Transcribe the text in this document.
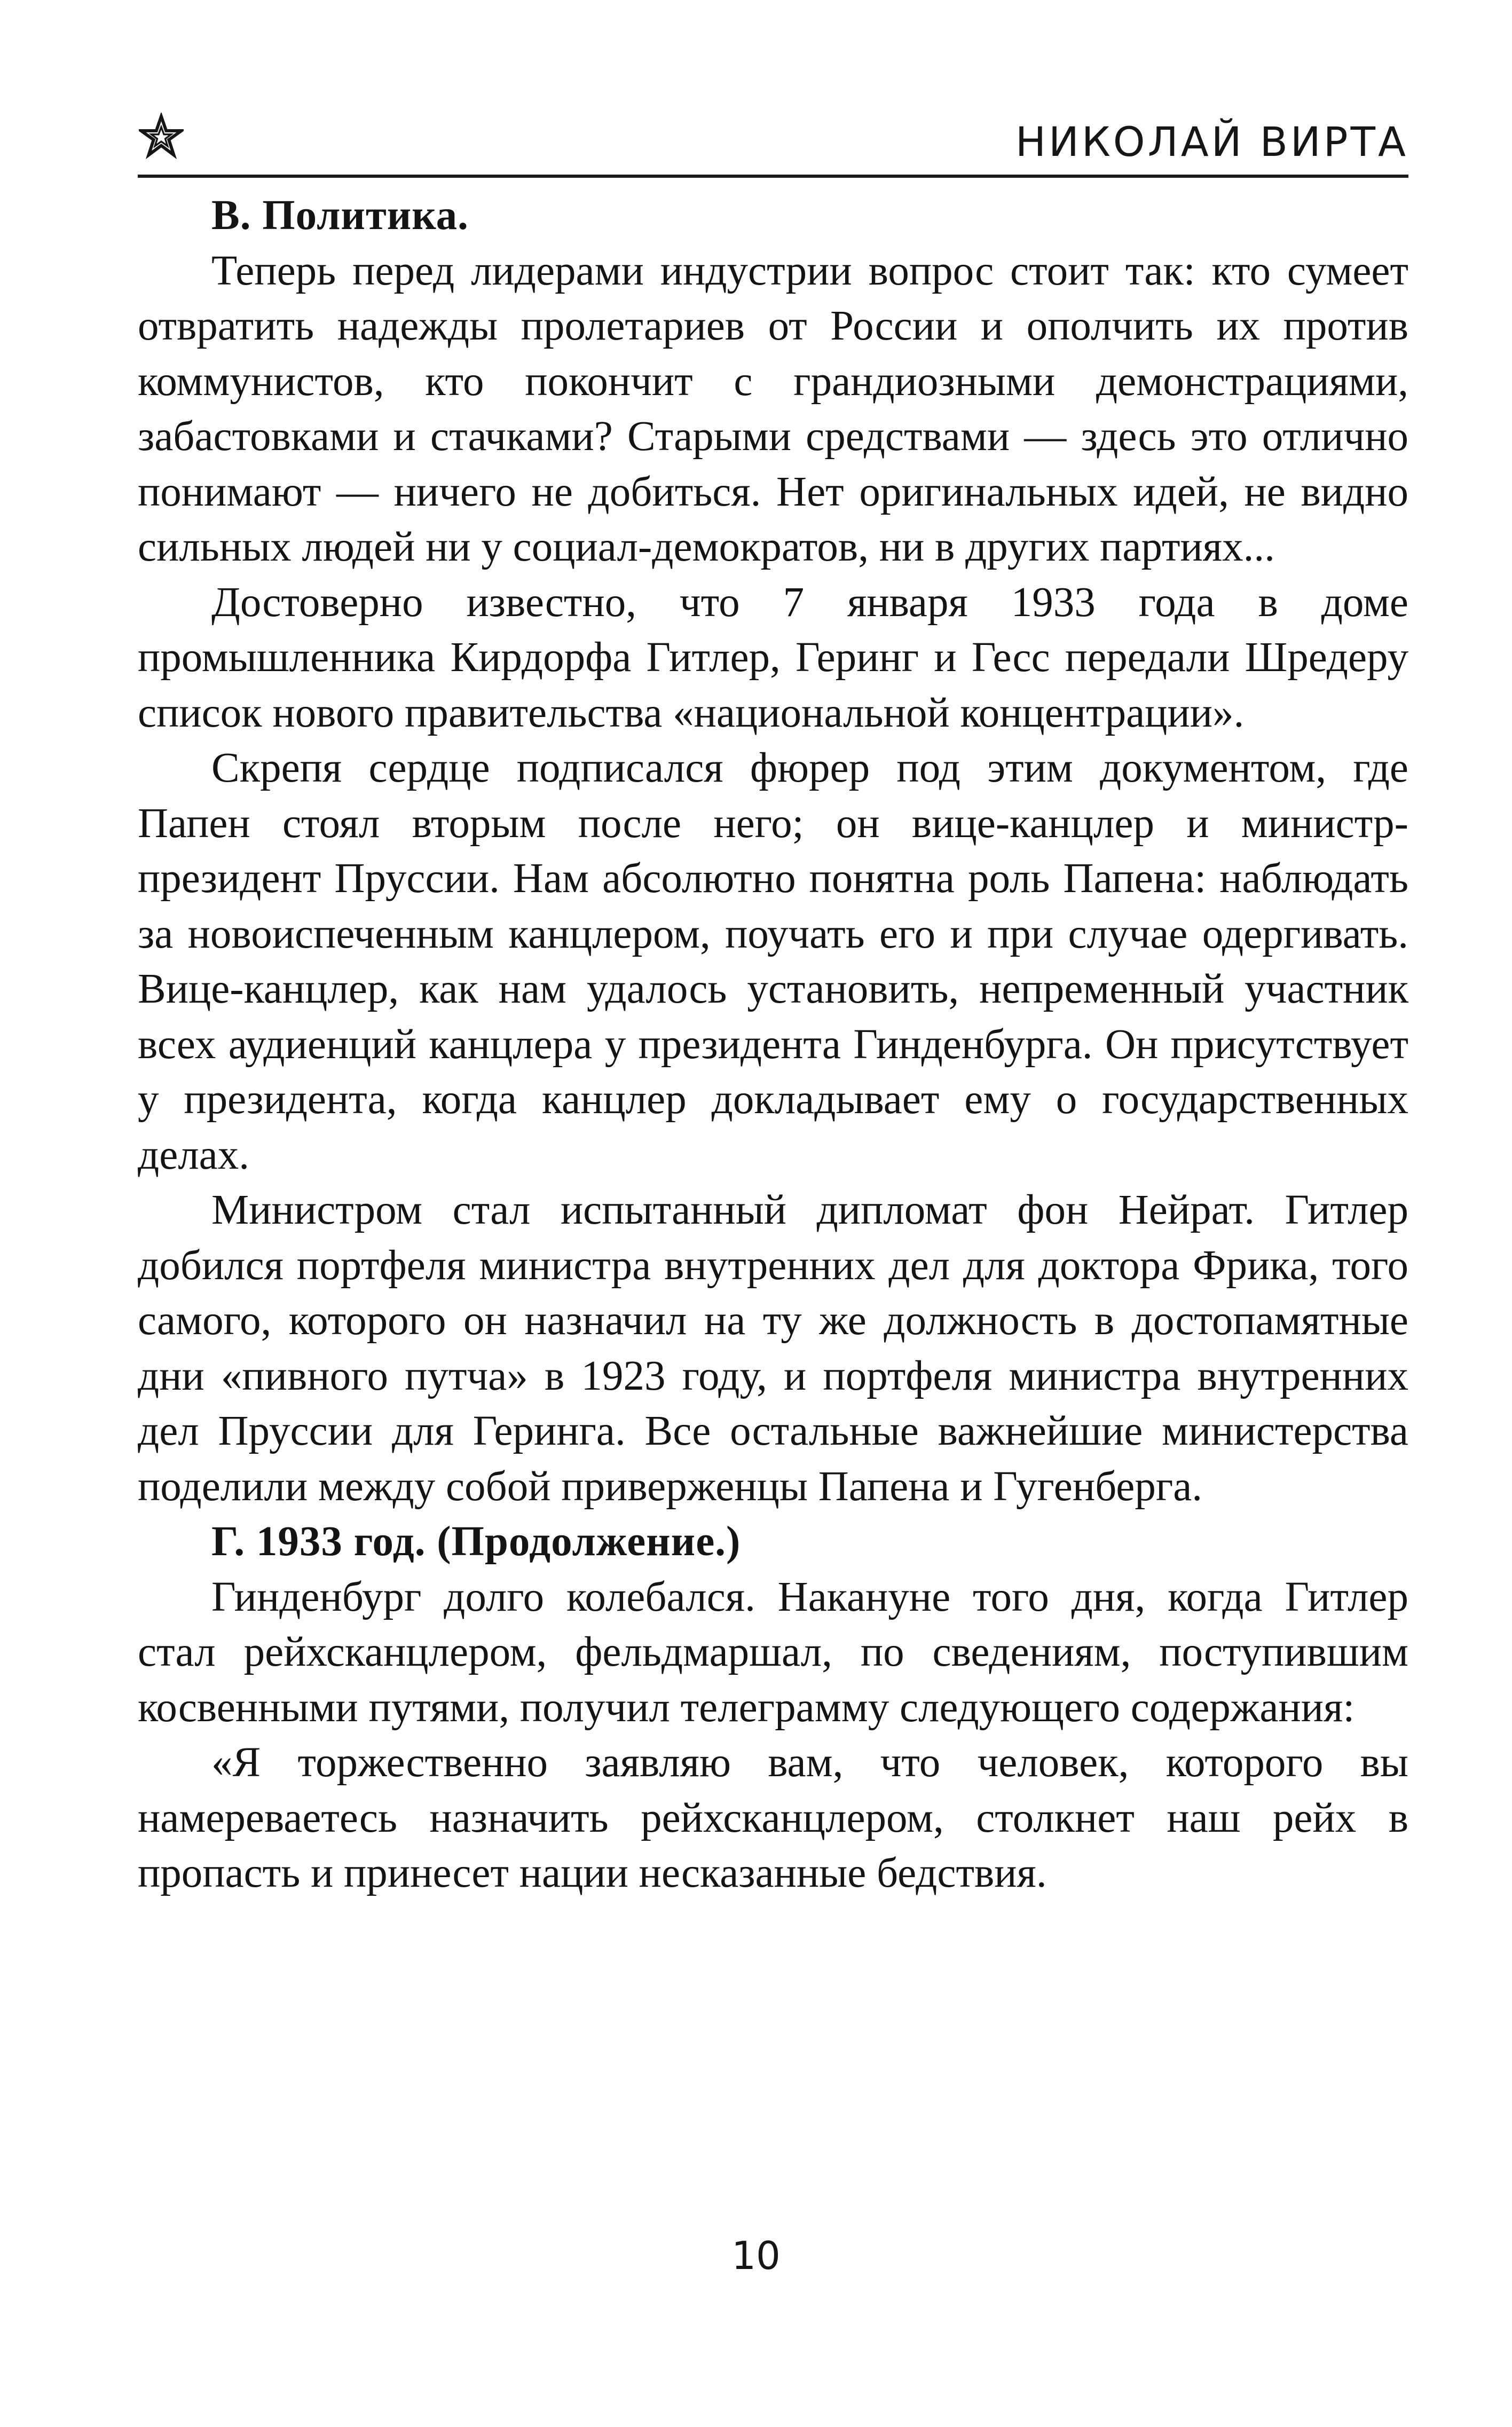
НИКОЛАЙ ВИРТА
В. Политика.

Теперь перед лидерами индустрии вопрос стоит так: кто сумеет отвратить надежды пролетариев от России и ополчить их против коммунистов, кто покончит с грандиозными демонстрациями, забастовками и стачками? Старыми средствами — здесь это отлично понимают — ничего не добиться. Нет оригинальных идей, не видно сильных людей ни у социал-демократов, ни в других партиях...

Достоверно известно, что 7 января 1933 года в доме промышленника Кирдорфа Гитлер, Геринг и Гесс передали Шредеру список нового правительства «национальной концентрации».

Скрепя сердце подписался фюрер под этим документом, где Папен стоял вторым после него; он вице-канцлер и министр-президент Пруссии. Нам абсолютно понятна роль Папена: наблюдать за новоиспеченным канцлером, поучать его и при случае одергивать. Вице-канцлер, как нам удалось установить, непременный участник всех аудиенций канцлера у президента Гинденбурга. Он присутствует у президента, когда канцлер докладывает ему о государственных делах.

Министром стал испытанный дипломат фон Нейрат. Гитлер добился портфеля министра внутренних дел для доктора Фрика, того самого, которого он назначил на ту же должность в достопамятные дни «пивного путча» в 1923 году, и портфеля министра внутренних дел Пруссии для Геринга. Все остальные важнейшие министерства поделили между собой приверженцы Папена и Гугенберга.

Г. 1933 год. (Продолжение.)

Гинденбург долго колебался. Накануне того дня, когда Гитлер стал рейхсканцлером, фельдмаршал, по сведениям, поступившим косвенными путями, получил телеграмму следующего содержания:

«Я торжественно заявляю вам, что человек, которого вы намереваетесь назначить рейхсканцлером, столкнет наш рейх в пропасть и принесет нации несказанные бедствия.

10
